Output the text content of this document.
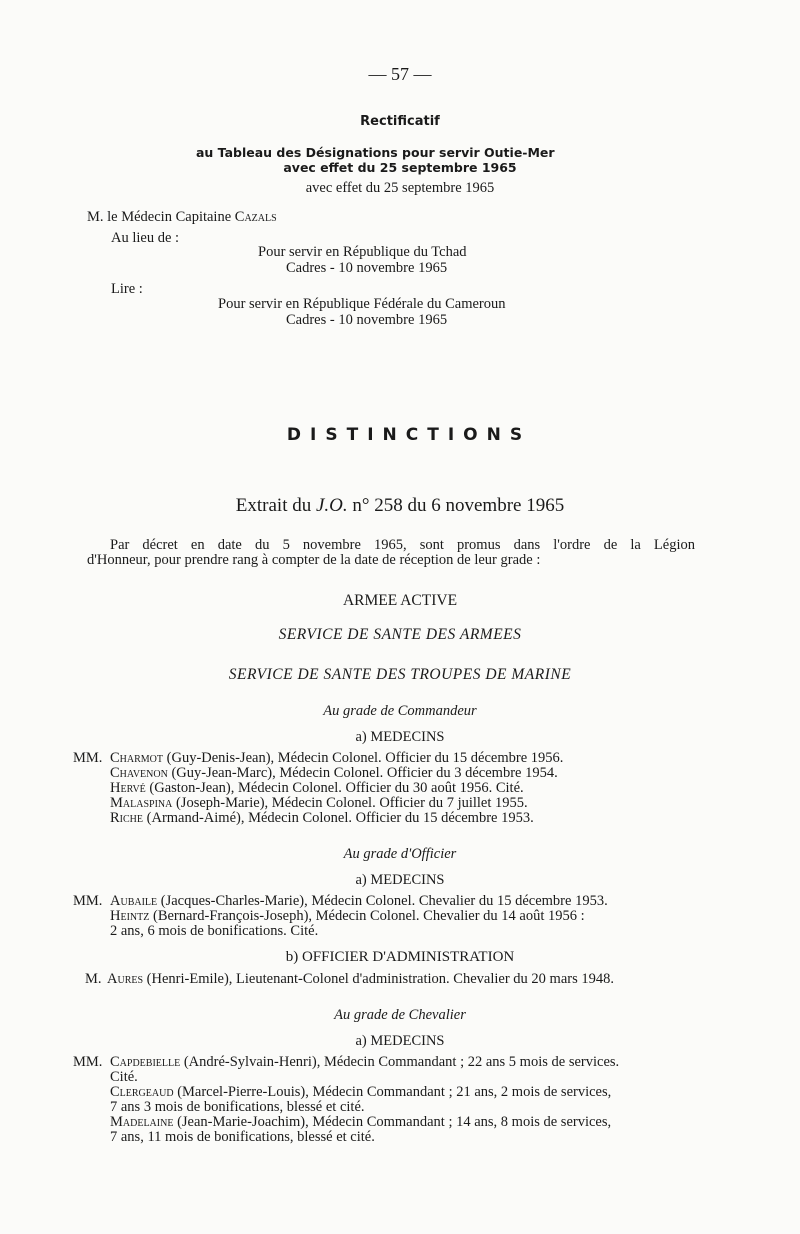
— 57 —
Rectificatif
au Tableau des Désignations pour servir Outie-Mer
avec effet du 25 septembre 1965
avec effet du 25 septembre 1965
M. le Médecin Capitaine Cazals
Au lieu de :
Pour servir en République du Tchad
Cadres - 10 novembre 1965
Lire :
Pour servir en République Fédérale du Cameroun
Cadres - 10 novembre 1965
DISTINCTIONS
Extrait du J.O. n° 258 du 6 novembre 1965
Par décret en date du 5 novembre 1965, sont promus dans l'ordre de la Légion
d'Honneur, pour prendre rang à compter de la date de réception de leur grade :
ARMEE ACTIVE
SERVICE DE SANTE DES ARMEES
SERVICE DE SANTE DES TROUPES DE MARINE
Au grade de Commandeur
a) MEDECINS
MM. Charmot (Guy-Denis-Jean), Médecin Colonel. Officier du 15 décembre 1956.
Chavenon (Guy-Jean-Marc), Médecin Colonel. Officier du 3 décembre 1954.
Hervé (Gaston-Jean), Médecin Colonel. Officier du 30 août 1956. Cité.
Malaspina (Joseph-Marie), Médecin Colonel. Officier du 7 juillet 1955.
Riche (Armand-Aimé), Médecin Colonel. Officier du 15 décembre 1953.
Au grade d'Officier
a) MEDECINS
MM. Aubaile (Jacques-Charles-Marie), Médecin Colonel. Chevalier du 15 décembre 1953.
Heintz (Bernard-François-Joseph), Médecin Colonel. Chevalier du 14 août 1956 :
2 ans, 6 mois de bonifications. Cité.
b) OFFICIER D'ADMINISTRATION
M. Aures (Henri-Emile), Lieutenant-Colonel d'administration. Chevalier du 20 mars 1948.
Au grade de Chevalier
a) MEDECINS
MM. Capdebielle (André-Sylvain-Henri), Médecin Commandant ; 22 ans 5 mois de services.
Cité.
Clergeaud (Marcel-Pierre-Louis), Médecin Commandant ; 21 ans, 2 mois de services,
7 ans 3 mois de bonifications, blessé et cité.
Madelaine (Jean-Marie-Joachim), Médecin Commandant ; 14 ans, 8 mois de services,
7 ans, 11 mois de bonifications, blessé et cité.
